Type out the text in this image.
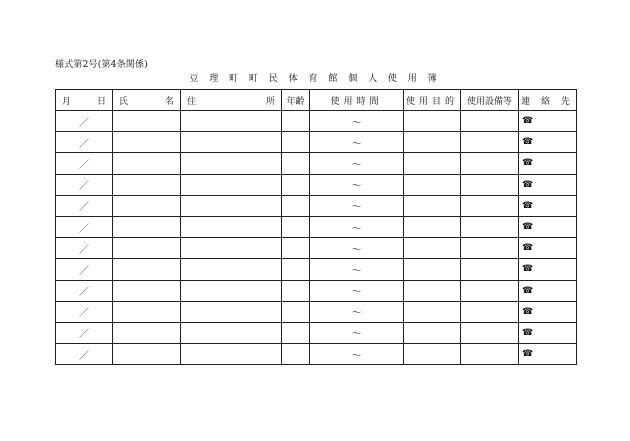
様式第2号(第4条関係)
豆 理 町 町 民 体 育 館 個 人 使 用 簿
月 日	氏 名	住 所	年齢	使用時間	使用目的	使用設備等	連 絡 先
／				～			☎
／				～			☎
／				～			☎
／				～			☎
／				～			☎
／				～			☎
／				～			☎
／				～			☎
／				～			☎
／				～			☎
／				～			☎
／				～			☎
